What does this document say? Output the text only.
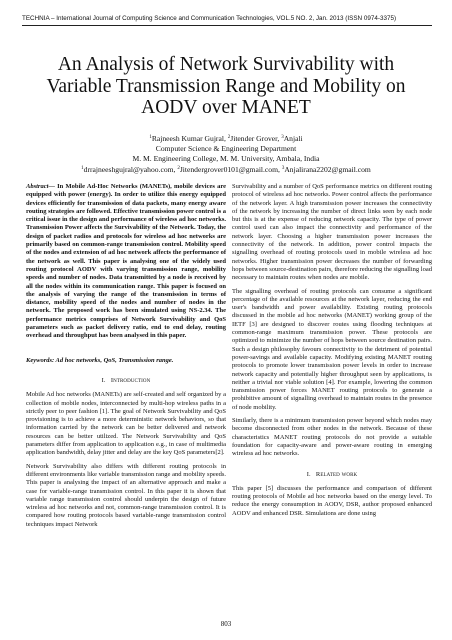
TECHNIA – International Journal of Computing Science and Communication Technologies, VOL.5 NO. 2, Jan. 2013 (ISSN 0974-3375)
An Analysis of Network Survivability with Variable Transmission Range and Mobility on AODV over MANET
$^1$Rajneesh Kumar Gujral, $^2$Jitender Grover, $^3$Anjali
Computer Science & Engineering Department
M. M. Engineering College, M. M. University, Ambala, India
$^1$drrajneeshgujral@yahoo.com, $^2$Jitendergrover0101@gmail.com, $^3$Anjalirana2202@gmail.com

Abstract— In Mobile Ad-Hoc Networks (MANETs), mobile devices are equipped with power (energy). In order to utilize this energy equipped devices efficiently for transmission of data packets, many energy aware routing strategies are followed. Effective transmission power control is a critical issue in the design and performance of wireless ad hoc networks. Transmission Power affects the Survivability of the Network. Today, the design of packet radios and protocols for wireless ad hoc networks are primarily based on common-range transmission control. Mobility speed of the nodes and extension of ad hoc network affects the performance of the network as well. This paper is analysing one of the widely used routing protocol AODV with varying transmission range, mobility speeds and number of nodes. Data transmitted by a node is received by all the nodes within its communication range. This paper is focused on the analysis of varying the range of the transmission in terms of distance, mobility speed of the nodes and number of nodes in the network. The proposed work has been simulated using NS-2.34. The performance metrics comprises of Network Survivability and QoS parameters such as packet delivery ratio, end to end delay, routing overhead and throughput has been analysed in this paper.

Keywords: Ad hoc networks, QoS, Transmission range.

I. Introduction

Mobile Ad hoc networks (MANETs) are self-created and self organized by a collection of mobile nodes, interconnected by multi-hop wireless paths in a strictly peer to peer fashion [1]. The goal of Network Survivability and QoS provisioning is to achieve a more deterministic network behaviors, so that information carried by the network can be better delivered and network resources can be better utilized. The Network Survivability and QoS parameters differ from application to application e.g., in case of multimedia application bandwidth, delay jitter and delay are the key QoS parameters[2].

Network Survivability also differs with different routing protocols in different environments like variable transmission range and mobility speeds. This paper is analysing the impact of an alternative approach and make a case for variable-range transmission control. In this paper it is shown that variable range transmission control should underpin the design of future wireless ad hoc networks and not, common-range transmission control. It is compared how routing protocols based variable-range transmission control techniques impact Network

Survivability and a number of QoS performance metrics on different routing protocol of wireless ad hoc networks. Power control affects the performance of the network layer. A high transmission power increases the connectivity of the network by increasing the number of direct links seen by each node but this is at the expense of reducing network capacity. The type of power control used can also impact the connectivity and performance of the network layer. Choosing a higher transmission power increases the connectivity of the network. In addition, power control impacts the signalling overhead of routing protocols used in mobile wireless ad hoc networks. Higher transmission power decreases the number of forwarding hops between source-destination pairs, therefore reducing the signalling load necessary to maintain routes when nodes are mobile.

The signalling overhead of routing protocols can consume a significant percentage of the available resources at the network layer, reducing the end user's bandwidth and power availability. Existing routing protocols discussed in the mobile ad hoc networks (MANET) working group of the IETF [3] are designed to discover routes using flooding techniques at common-range maximum transmission power. These protocols are optimized to minimize the number of hops between source destination pairs. Such a design philosophy favours connectivity to the detriment of potential power-savings and available capacity. Modifying existing MANET routing protocols to promote lower transmission power levels in order to increase network capacity and potentially higher throughput seen by applications, is neither a trivial nor viable solution [4]. For example, lowering the common transmission power forces MANET routing protocols to generate a prohibitive amount of signalling overhead to maintain routes in the presence of node mobility.

Similarly, there is a minimum transmission power beyond which nodes may become disconnected from other nodes in the network. Because of these characteristics MANET routing protocols do not provide a suitable foundation for capacity-aware and power-aware routing in emerging wireless ad hoc networks.

I. Related work

This paper [5] discusses the performance and comparison of different routing protocols of Mobile ad hoc networks based on the energy level. To reduce the energy consumption in AODV, DSR, author proposed enhanced AODV and enhanced DSR. Simulations are done using

803
